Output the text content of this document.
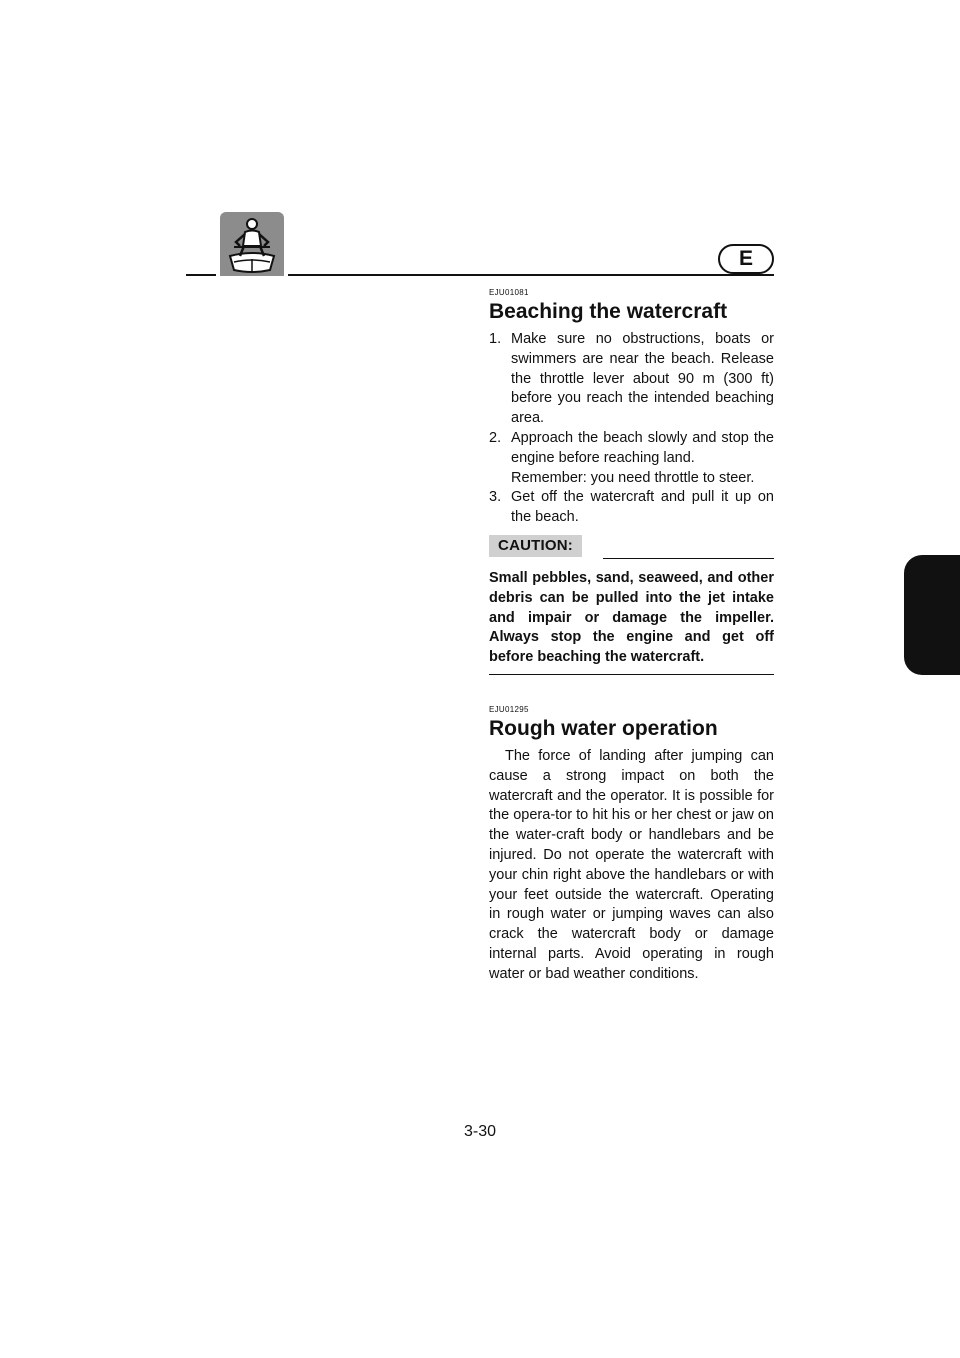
E

EJU01081

Beaching the watercraft
1. Make sure no obstructions, boats or swimmers are near the beach. Release the throttle lever about 90 m (300 ft) before you reach the intended beaching area.

2. Approach the beach slowly and stop the engine before reaching land.

Remember: you need throttle to steer.

3. Get off the watercraft and pull it up on the beach.

CAUTION:
Small pebbles, sand, seaweed, and other debris can be pulled into the jet intake and impair or damage the impeller. Always stop the engine and get off before beaching the watercraft.

EJU01295

Rough water operation

The force of landing after jumping can cause a strong impact on both the watercraft and the operator. It is possible for the opera-tor to hit his or her chest or jaw on the water-craft body or handlebars and be injured. Do not operate the watercraft with your chin right above the handlebars or with your feet outside the watercraft. Operating in rough water or jumping waves can also crack the watercraft body or damage internal parts. Avoid operating in rough water or bad weather conditions.

3-30
